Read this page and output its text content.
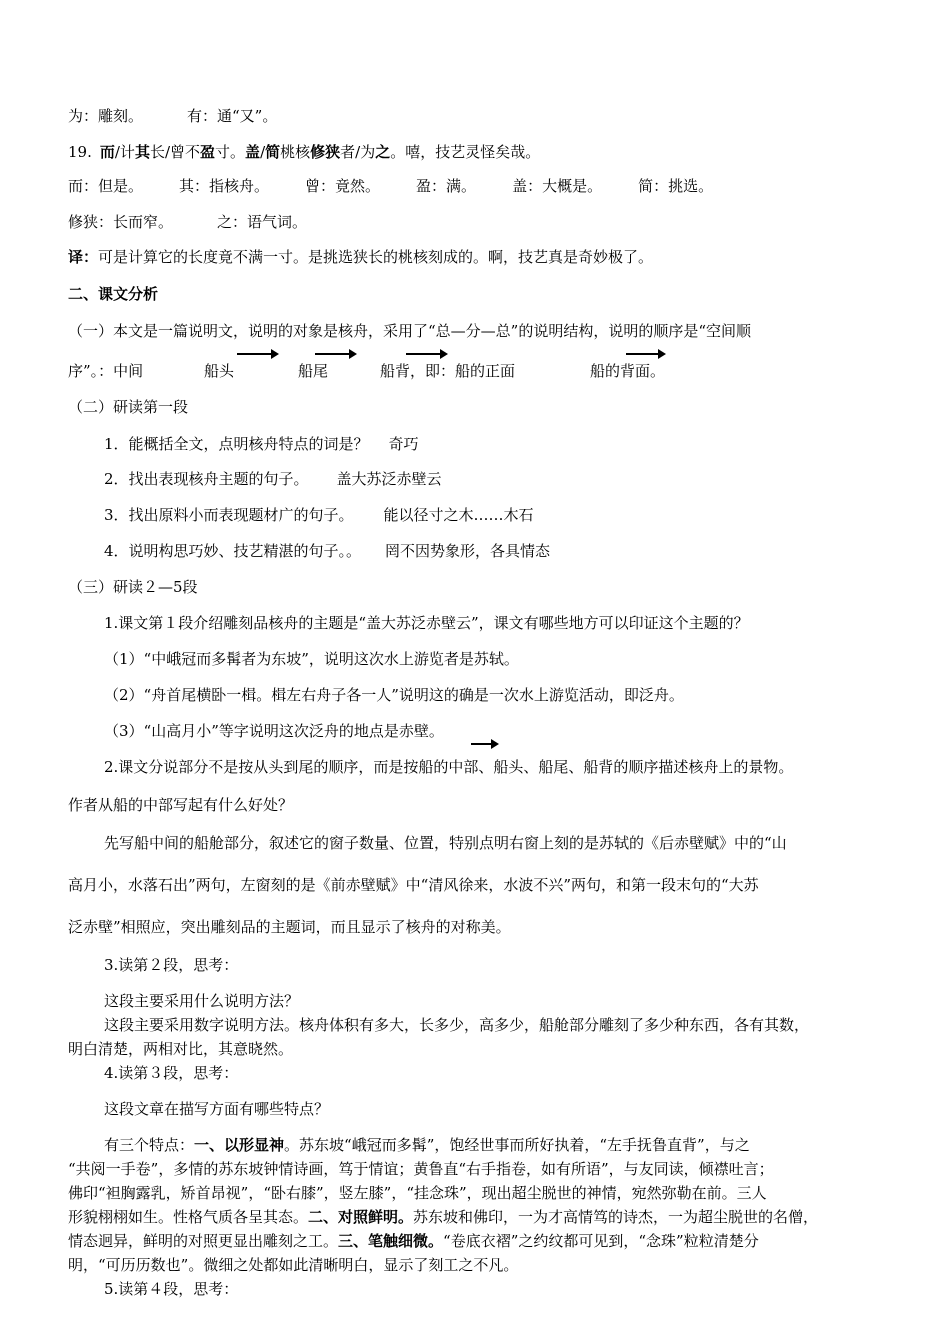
为：雕刻。	有：通“又”。
19. 而/计其长/曾不盈寸。盖/简桃核修狭者/为之。嘻，技艺灵怪矣哉。
而：但是。 其：指核舟。 曾：竟然。 盈：满。 盖：大概是。 简：挑选。
修狭：长而窄。	之：语气词。
译：可是计算它的长度竟不满一寸。是挑选狭长的桃核刻成的。啊，技艺真是奇妙极了。
二、课文分析
（一）本文是一篇说明文，说明的对象是核舟，采用了“总—分—总”的说明结构，说明的顺序是“空间顺
序”。：中间	船头	船尾	船背，即：船的正面	船的背面。
（二）研读第一段
1．能概括全文，点明核舟特点的词是？ 奇巧
2．找出表现核舟主题的句子。 盖大苏泛赤壁云
3．找出原料小而表现题材广的句子。 能以径寸之木……木石
4．说明构思巧妙、技艺精湛的句子。。 罔不因势象形，各具情态
（三）研读２—5段
1.课文第１段介绍雕刻品核舟的主题是“盖大苏泛赤壁云”，课文有哪些地方可以印证这个主题的？
（1）“中峨冠而多髯者为东坡”，说明这次水上游览者是苏轼。
（2）“舟首尾横卧一楫。楫左右舟子各一人”说明这的确是一次水上游览活动，即泛舟。
（3）“山高月小”等字说明这次泛舟的地点是赤壁。
2.课文分说部分不是按从头到尾的顺序，而是按船的中部、船头、船尾、船背的顺序描述核舟上的景物。
作者从船的中部写起有什么好处？
先写船中间的船舱部分，叙述它的窗子数量、位置，特别点明右窗上刻的是苏轼的《后赤壁赋》中的“山
高月小，水落石出”两句，左窗刻的是《前赤壁赋》中“清风徐来，水波不兴”两句，和第一段末句的“大苏
泛赤壁”相照应，突出雕刻品的主题词，而且显示了核舟的对称美。
3.读第２段，思考：
这段主要采用什么说明方法？
这段主要采用数字说明方法。核舟体积有多大，长多少，高多少，船舱部分雕刻了多少种东西，各有其数，
明白清楚，两相对比，其意晓然。
4.读第３段，思考：
这段文章在描写方面有哪些特点？
有三个特点：一、以形显神。苏东坡“峨冠而多髯”，饱经世事而所好执着，“左手抚鲁直背”，与之
“共阅一手卷”，多情的苏东坡钟情诗画，笃于情谊；黄鲁直“右手指卷，如有所语”，与友同读，倾襟吐言；
佛印“袒胸露乳，矫首昂视”，“卧右膝”，竖左膝”，“挂念珠”，现出超尘脱世的神情，宛然弥勒在前。三人
形貌栩栩如生。性格气质各呈其态。二、对照鲜明。苏东坡和佛印，一为才高情笃的诗杰，一为超尘脱世的名僧，
情态迥异，鲜明的对照更显出雕刻之工。三、笔触细微。“卷底衣褶”之约纹都可见到，“念珠”粒粒清楚分
明，“可历历数也”。微细之处都如此清晰明白，显示了刻工之不凡。
5.读第４段，思考：
